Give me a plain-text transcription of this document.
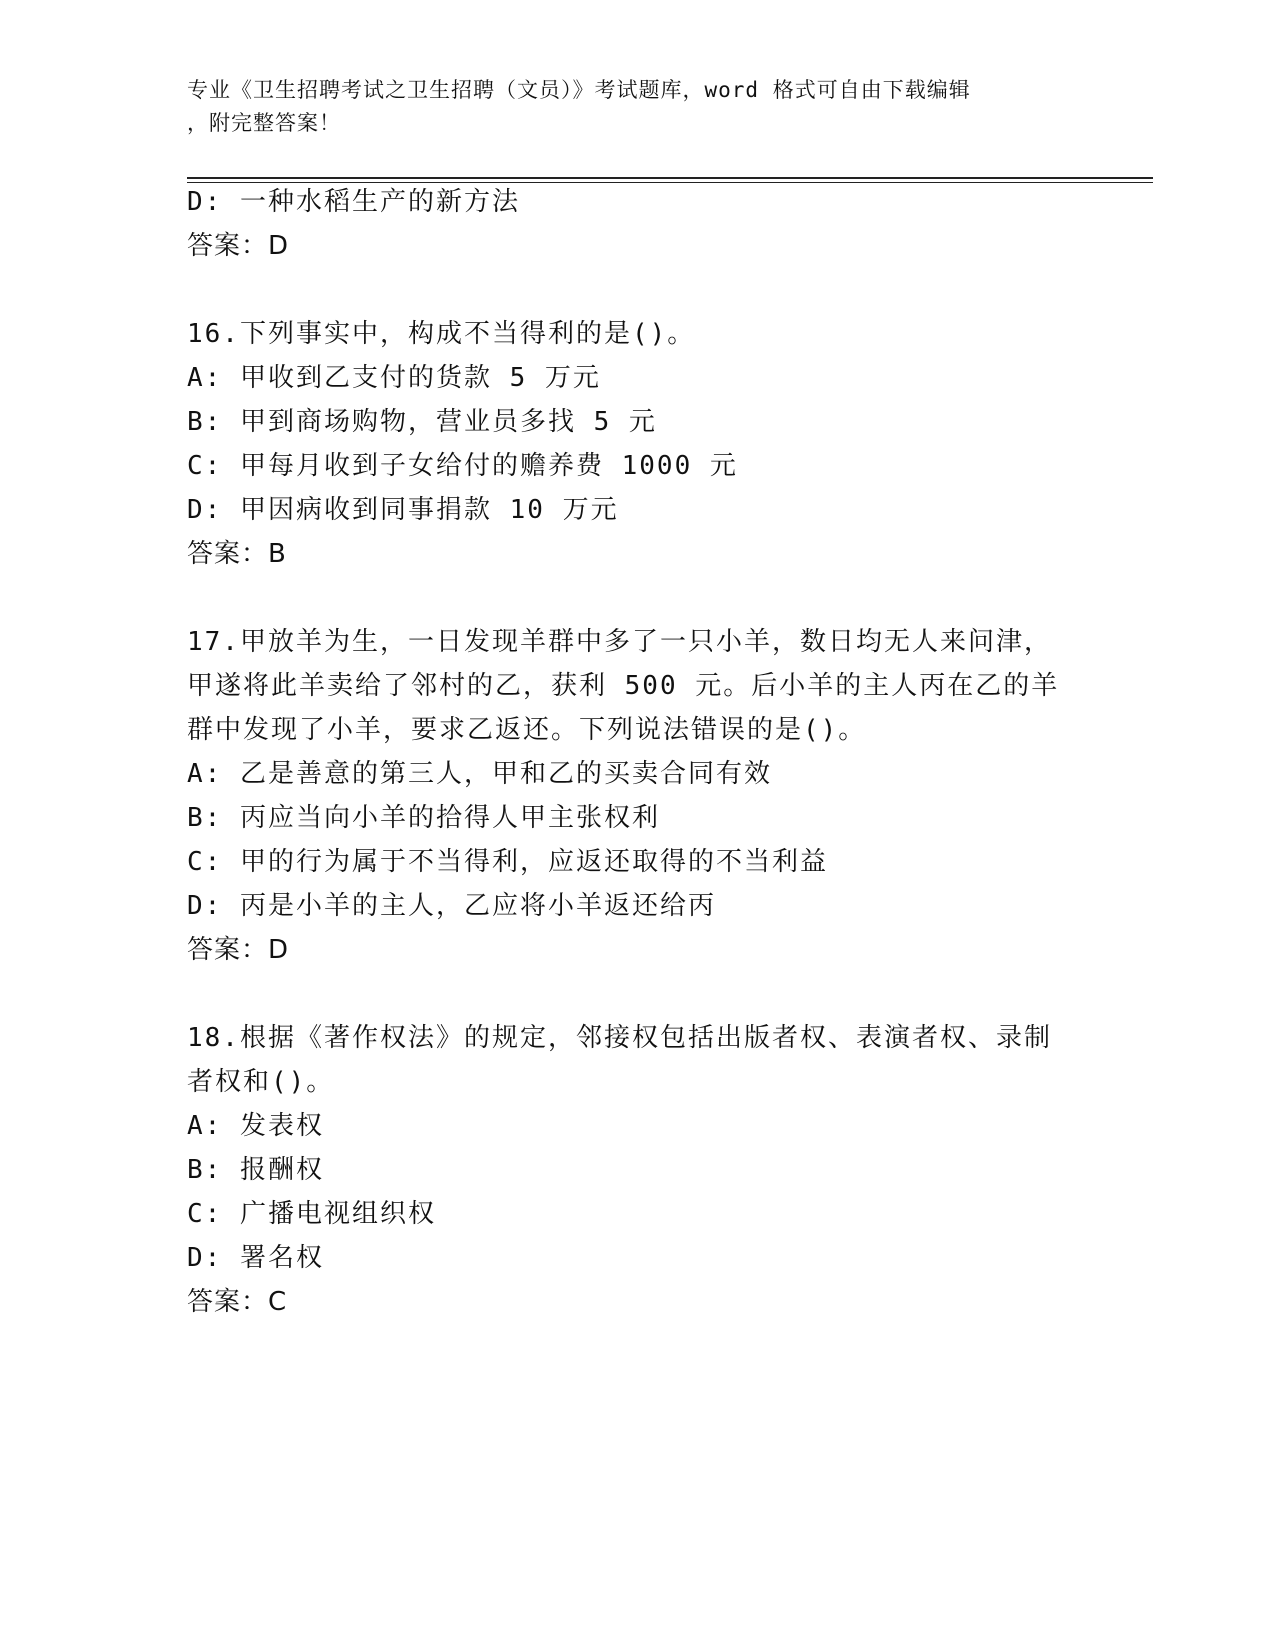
专业《卫生招聘考试之卫生招聘（文员）》考试题库，word 格式可自由下载编辑
，附完整答案！
D: 一种水稻生产的新方法
答案：D
16.下列事实中，构成不当得利的是()。
A: 甲收到乙支付的货款 5 万元
B: 甲到商场购物，营业员多找 5 元
C: 甲每月收到子女给付的赡养费 1000 元
D: 甲因病收到同事捐款 10 万元
答案：B
17.甲放羊为生，一日发现羊群中多了一只小羊，数日均无人来问津，
甲遂将此羊卖给了邻村的乙，获利 500 元。后小羊的主人丙在乙的羊
群中发现了小羊，要求乙返还。下列说法错误的是()。
A: 乙是善意的第三人，甲和乙的买卖合同有效
B: 丙应当向小羊的拾得人甲主张权利
C: 甲的行为属于不当得利，应返还取得的不当利益
D: 丙是小羊的主人，乙应将小羊返还给丙
答案：D
18.根据《著作权法》的规定，邻接权包括出版者权、表演者权、录制
者权和()。
A: 发表权
B: 报酬权
C: 广播电视组织权
D: 署名权
答案：C
